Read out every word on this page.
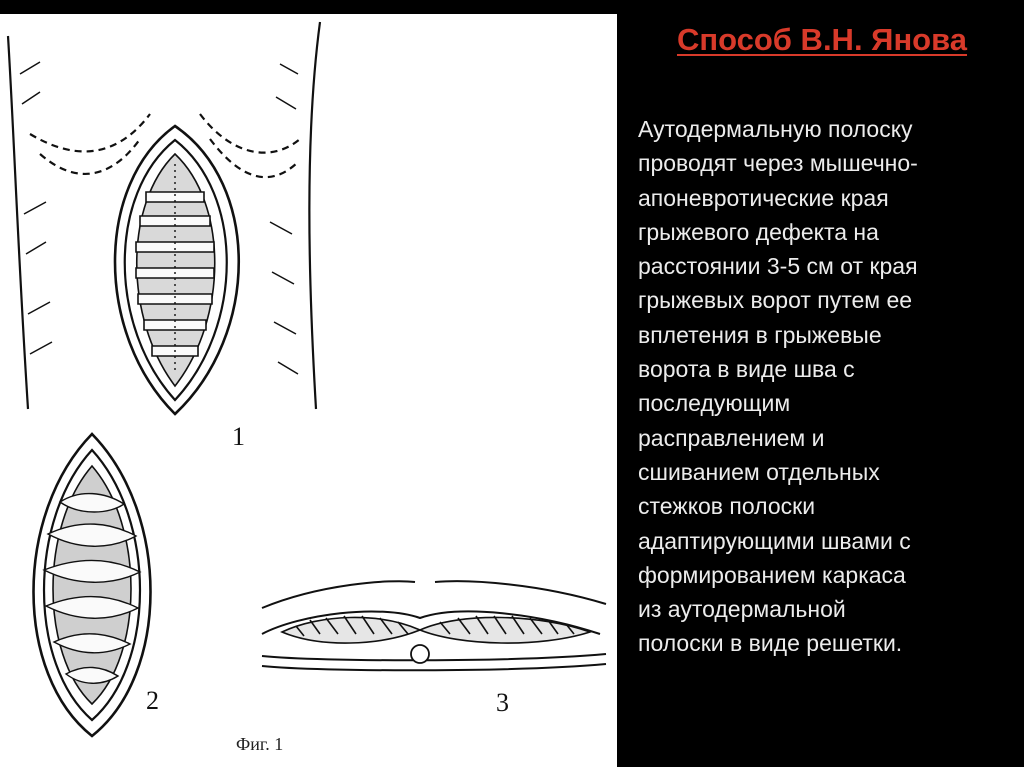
1
2	3
Фиг. 1
Способ В.Н. Янова
Аутодермальную полоску
проводят через мышечно-
апоневротические края
грыжевого дефекта на
расстоянии 3-5 см от края
грыжевых ворот путем ее
вплетения в грыжевые
ворота в виде шва с
последующим
расправлением и
сшиванием отдельных
стежков полоски
адаптирующими швами с
формированием каркаса
из аутодермальной
полоски в виде решетки.
